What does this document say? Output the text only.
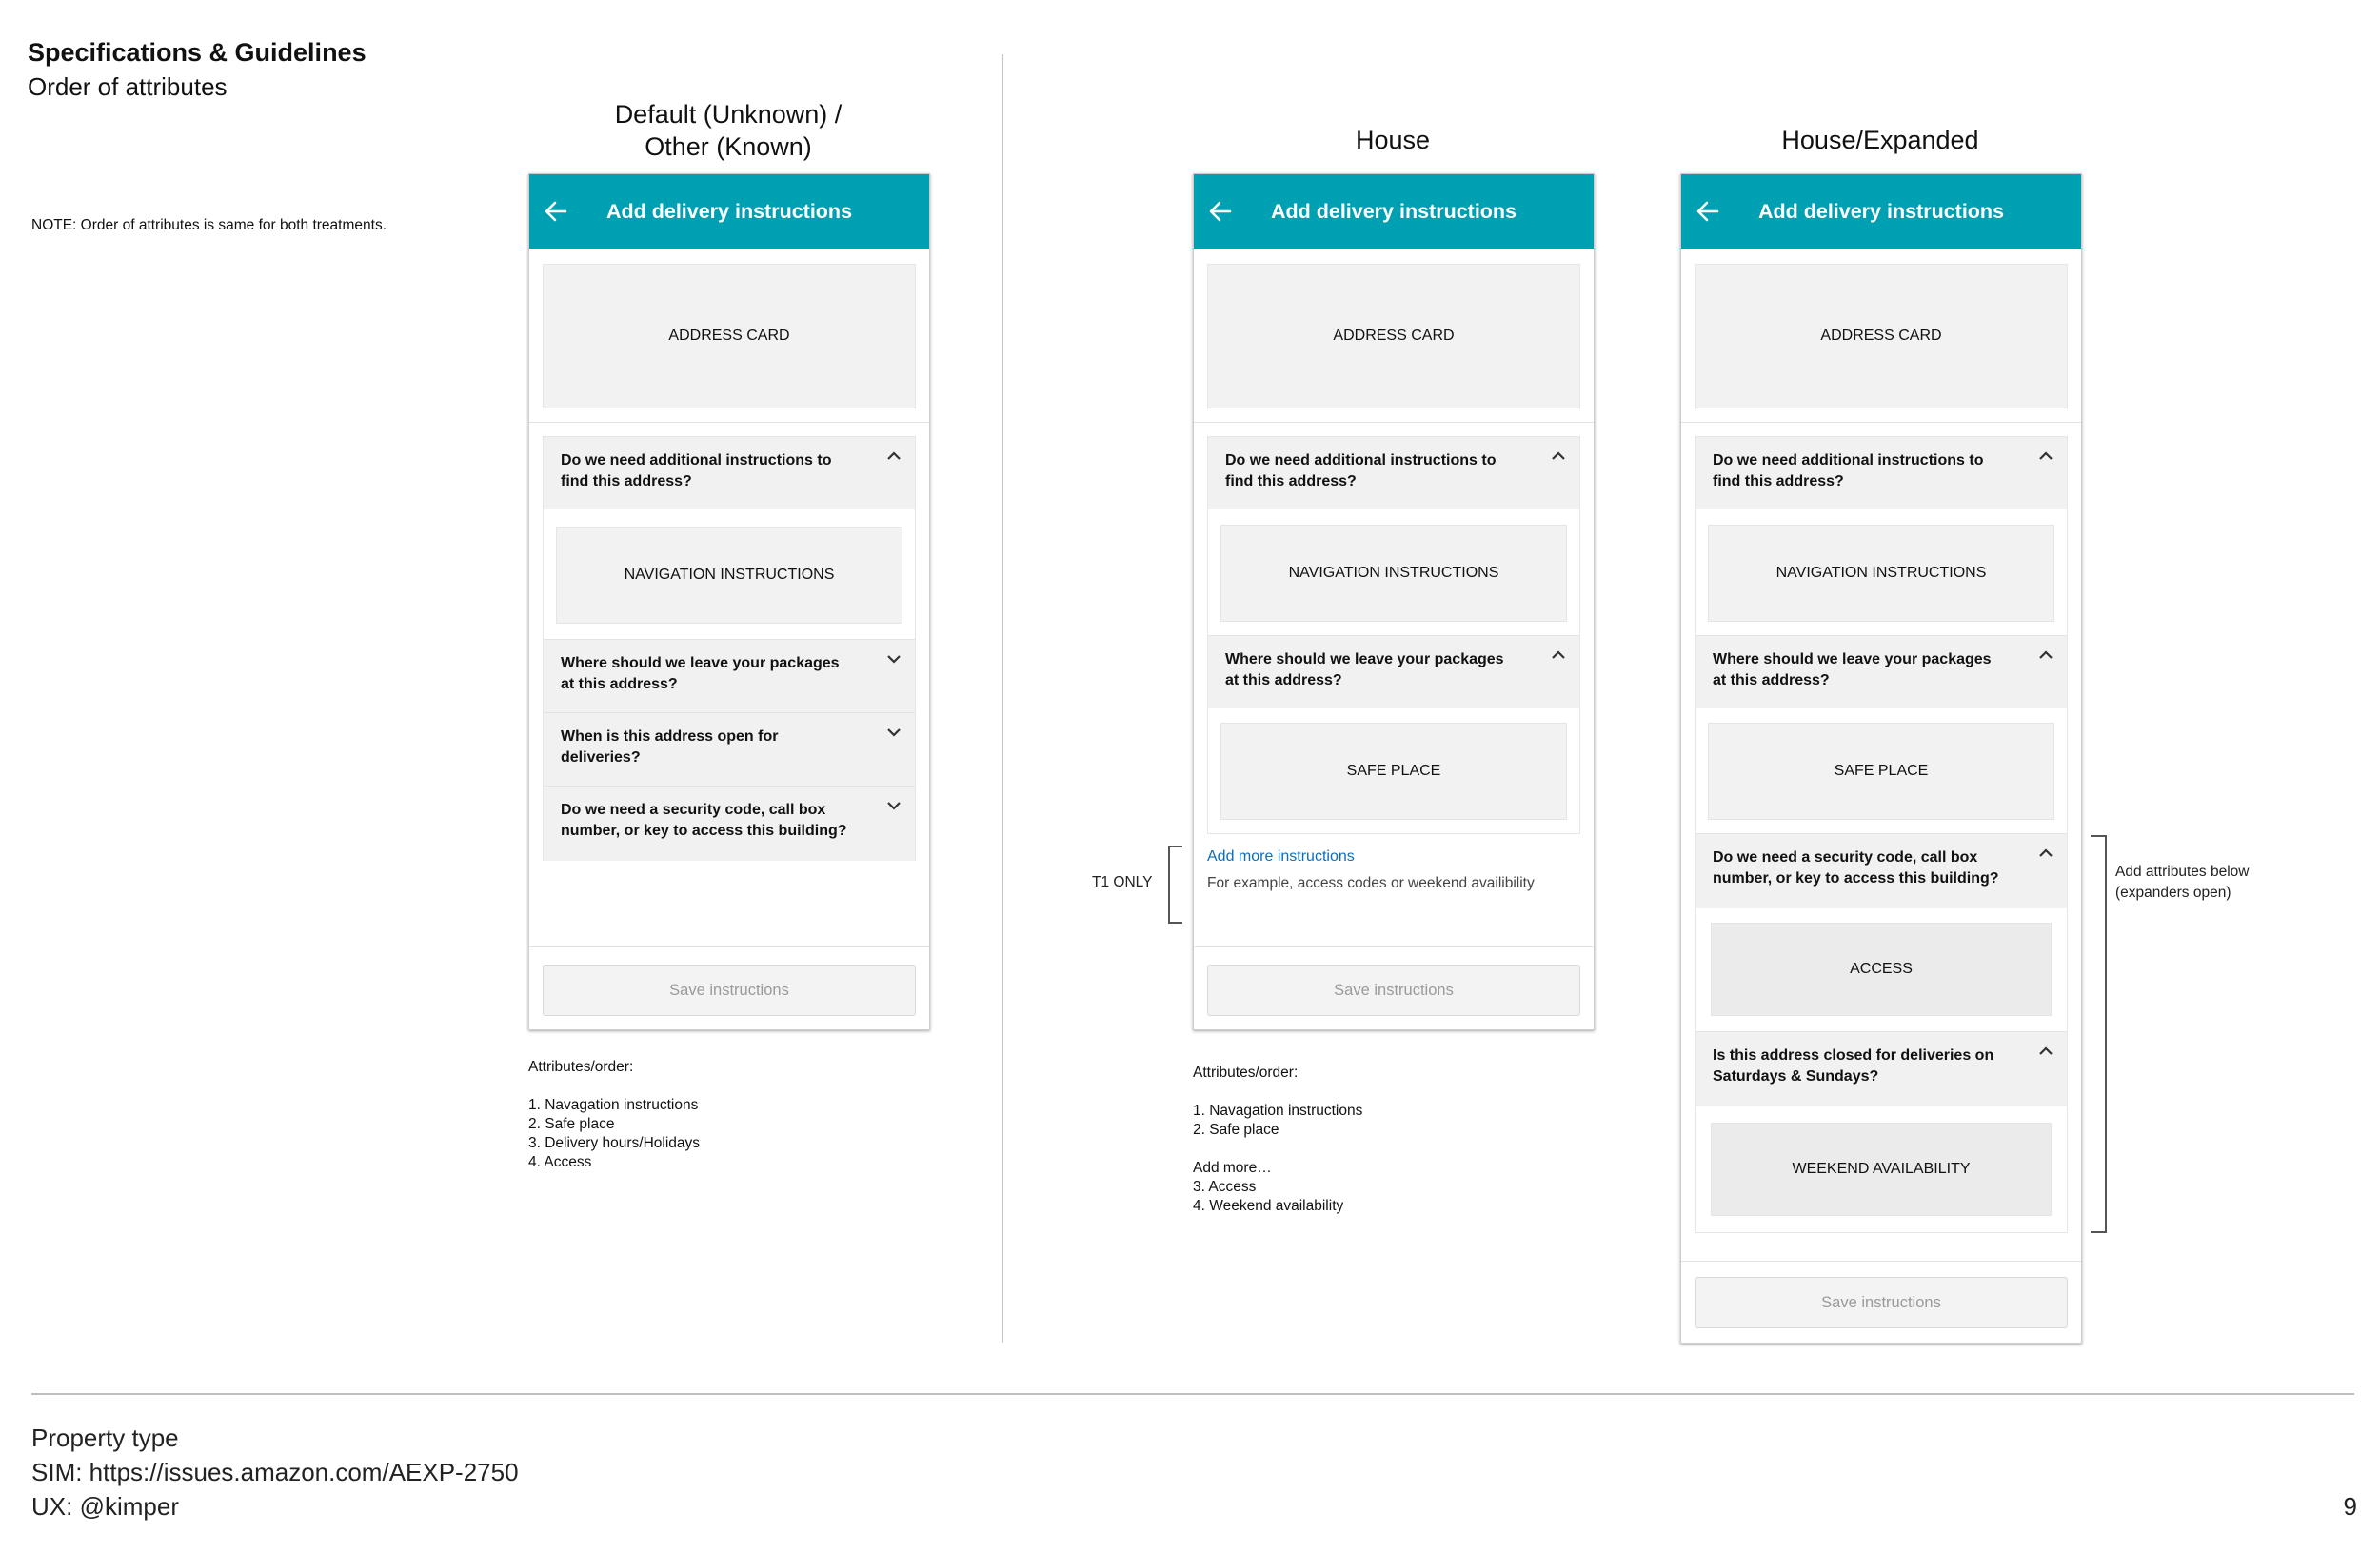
Specifications & Guidelines
Order of attributes
NOTE: Order of attributes is same for both treatments.
Default (Unknown) /
Other (Known)	House	House/Expanded
Add delivery instructions
ADDRESS CARD
Do we need additional instructions to find this address?
NAVIGATION INSTRUCTIONS
Where should we leave your packages at this address?
When is this address open for deliveries?
Do we need a security code, call box number, or key to access this building?
Save instructions
Attributes/order:
1. Navagation instructions
2. Safe place
3. Delivery hours/Holidays
4. Access
Add delivery instructions
ADDRESS CARD
Do we need additional instructions to find this address?
NAVIGATION INSTRUCTIONS
Where should we leave your packages at this address?
SAFE PLACE
Add more instructions
For example, access codes or weekend availibility
Save instructions
T1 ONLY
Attributes/order:
1. Navagation instructions
2. Safe place
Add more…
3. Access
4. Weekend availability
Add delivery instructions
ADDRESS CARD
Do we need additional instructions to find this address?
NAVIGATION INSTRUCTIONS
Where should we leave your packages at this address?
SAFE PLACE
Do we need a security code, call box number, or key to access this building?
ACCESS
Is this address closed for deliveries on Saturdays & Sundays?
WEEKEND AVAILABILITY
Save instructions
Add attributes below
(expanders open)
Property type
SIM: https://issues.amazon.com/AEXP-2750
UX: @kimper	9
